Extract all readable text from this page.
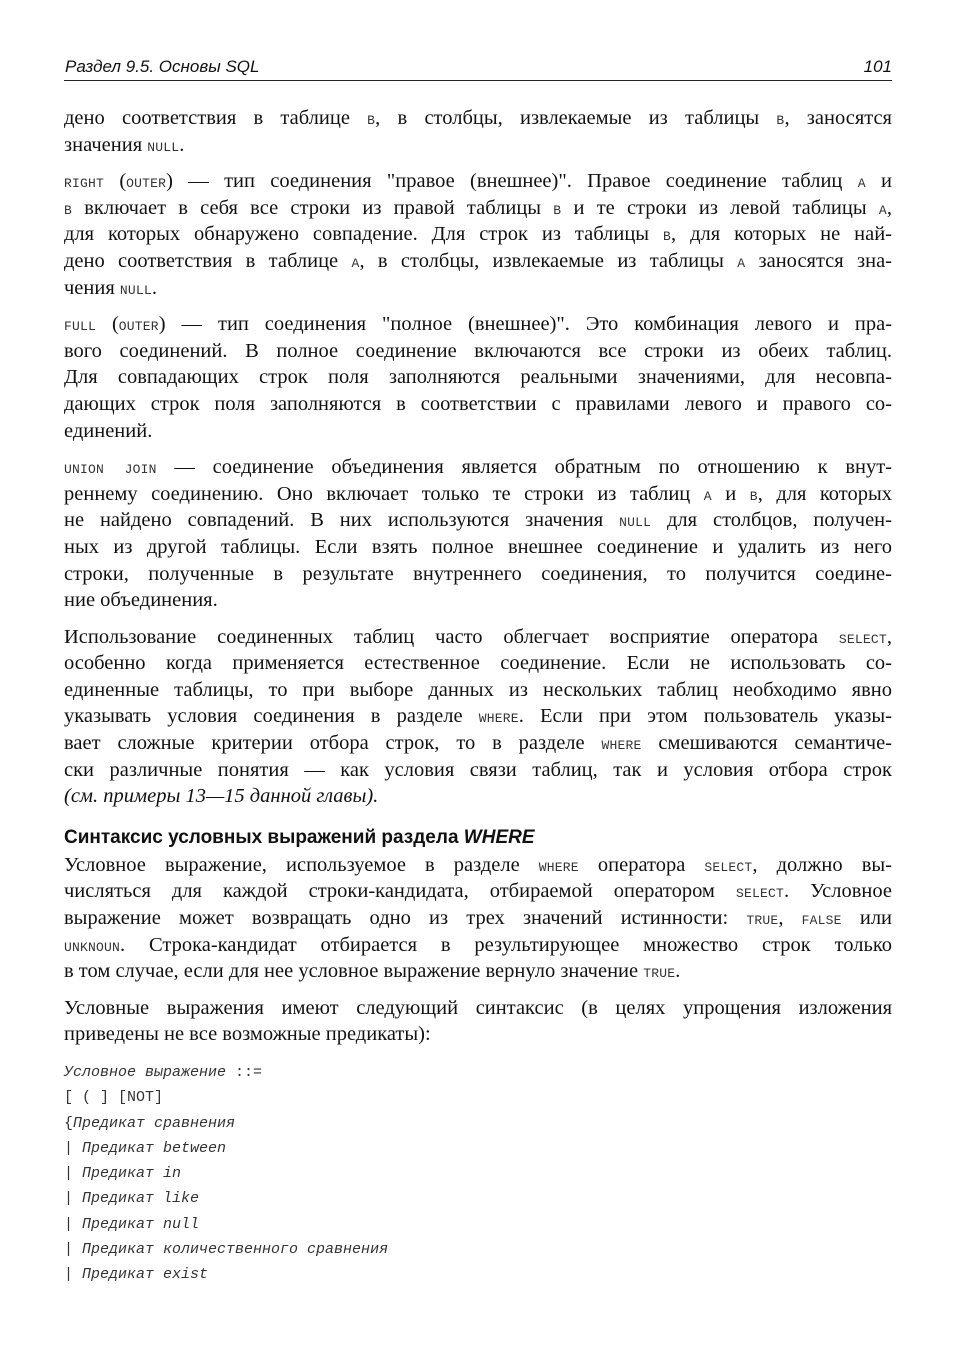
Раздел 9.5. Основы SQL	101
дено соответствия в таблице B, в столбцы, извлекаемые из таблицы B, заносятся
значения NULL.
RIGHT (OUTER) — тип соединения "правое (внешнее)". Правое соединение таблиц A и
B включает в себя все строки из правой таблицы B и те строки из левой таблицы A,
для которых обнаружено совпадение. Для строк из таблицы B, для которых не най-
дено соответствия в таблице A, в столбцы, извлекаемые из таблицы A заносятся зна-
чения NULL.
FULL (OUTER) — тип соединения "полное (внешнее)". Это комбинация левого и пра-
вого соединений. В полное соединение включаются все строки из обеих таблиц.
Для совпадающих строк поля заполняются реальными значениями, для несовпа-
дающих строк поля заполняются в соответствии с правилами левого и правого со-
единений.
UNION JOIN — соединение объединения является обратным по отношению к внут-
реннему соединению. Оно включает только те строки из таблиц A и B, для которых
не найдено совпадений. В них используются значения NULL для столбцов, получен-
ных из другой таблицы. Если взять полное внешнее соединение и удалить из него
строки, полученные в результате внутреннего соединения, то получится соедине-
ние объединения.
Использование соединенных таблиц часто облегчает восприятие оператора SELECT,
особенно когда применяется естественное соединение. Если не использовать со-
единенные таблицы, то при выборе данных из нескольких таблиц необходимо явно
указывать условия соединения в разделе WHERE. Если при этом пользователь указы-
вает сложные критерии отбора строк, то в разделе WHERE смешиваются семантиче-
ски различные понятия — как условия связи таблиц, так и условия отбора строк
(см. примеры 13—15 данной главы).
Синтаксис условных выражений раздела WHERE
Условное выражение, используемое в разделе WHERE оператора SELECT, должно вы-
числяться для каждой строки-кандидата, отбираемой оператором SELECT. Условное
выражение может возвращать одно из трех значений истинности: TRUE, FALSE или
UNKNOUN. Строка-кандидат отбирается в результирующее множество строк только
в том случае, если для нее условное выражение вернуло значение TRUE.
Условные выражения имеют следующий синтаксис (в целях упрощения изложения
приведены не все возможные предикаты):
Условное выражение ::=
[ ( ] [NOT]
{Предикат сравнения
| Предикат between
| Предикат in
| Предикат like
| Предикат null
| Предикат количественного сравнения
| Предикат exist
